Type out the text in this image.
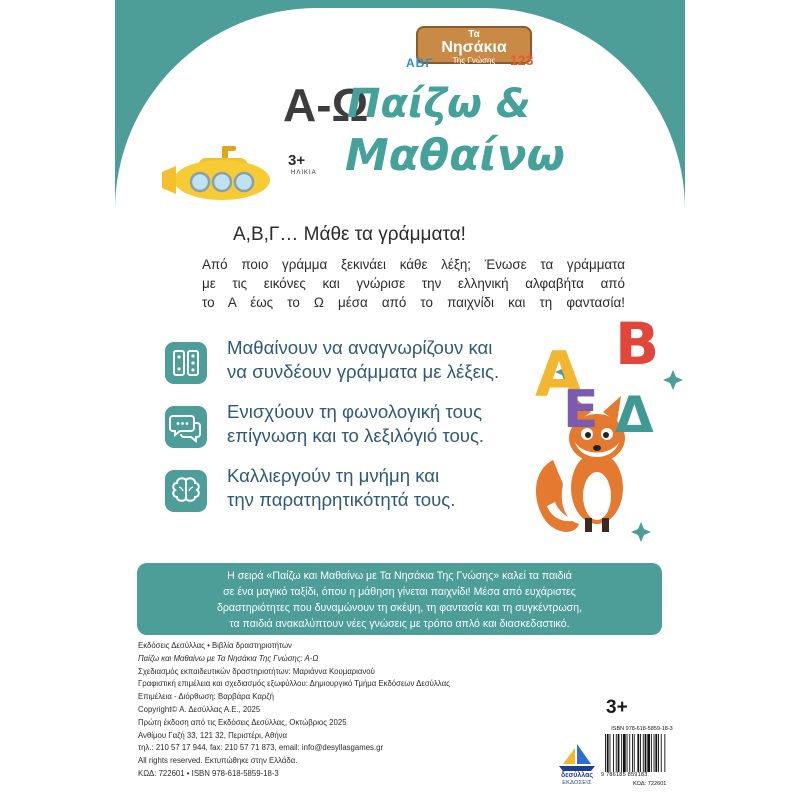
Τα
Νησάκια
Της Γνώσης
ΑΒΓ	123
Α-Ω
Παίζω &
Μαθαίνω
3+
ΗΛΙΚΙΑ
Α,Β,Γ… Μάθε τα γράμματα!
Από ποιο γράμμα ξεκινάει κάθε λέξη; Ένωσε τα γράμματα
με τις εικόνες και γνώρισε την ελληνική αλφαβήτα από
το Α έως το Ω μέσα από το παιχνίδι και τη φαντασία!
Μαθαίνουν να αναγνωρίζουν και
να συνδέουν γράμματα με λέξεις.
Ενισχύουν τη φωνολογική τους
επίγνωση και το λεξιλόγιό τους.
Καλλιεργούν τη μνήμη και
την παρατηρητικότητά τους.
Α Β
Ε Δ
Η σειρά «Παίζω και Μαθαίνω με Τα Νησάκια Της Γνώσης» καλεί τα παιδιά
σε ένα μαγικό ταξίδι, όπου η μάθηση γίνεται παιχνίδι! Μέσα από ευχάριστες
δραστηριότητες που δυναμώνουν τη σκέψη, τη φαντασία και τη συγκέντρωση,
τα παιδιά ανακαλύπτουν νέες γνώσεις με τρόπο απλό και διασκεδαστικό.
Εκδόσεις Δεσύλλας • Βιβλία δραστηριοτήτων
Παίζω και Μαθαίνω με Τα Νησάκια Της Γνώσης: Α-Ω
Σχεδιασμός εκπαιδευτικών δραστηριοτήτων: Μαριάννα Κουμαριανού
Γραφιστική επιμέλεια και σχεδιασμός εξωφύλλου: Δημιουργικό Τμήμα Εκδόσεων Δεσύλλας
Επιμέλεια - Διόρθωση: Βαρβάρα Καρζή
Copyright© Α. Δεσύλλας Α.Ε., 2025
Πρώτη έκδοση από τις Εκδόσεις Δεσύλλας, Οκτώβριος 2025
Ανθίμου Γαζή 33, 121 32, Περιστέρι, Αθήνα
τηλ.: 210 57 17 944, fax: 210 57 71 873, email: info@desyllasgames.gr
All rights reserved. Εκτυπώθηκε στην Ελλάδα.
ΚΩΔ: 722601 • ISBN 978-618-5859-18-3
3+
δεσύλλας
ΕΚΔΟΣΕΙΣ
ISBN 978-618-5859-18-3
9 786185 859183
ΚΩΔ: 722601
